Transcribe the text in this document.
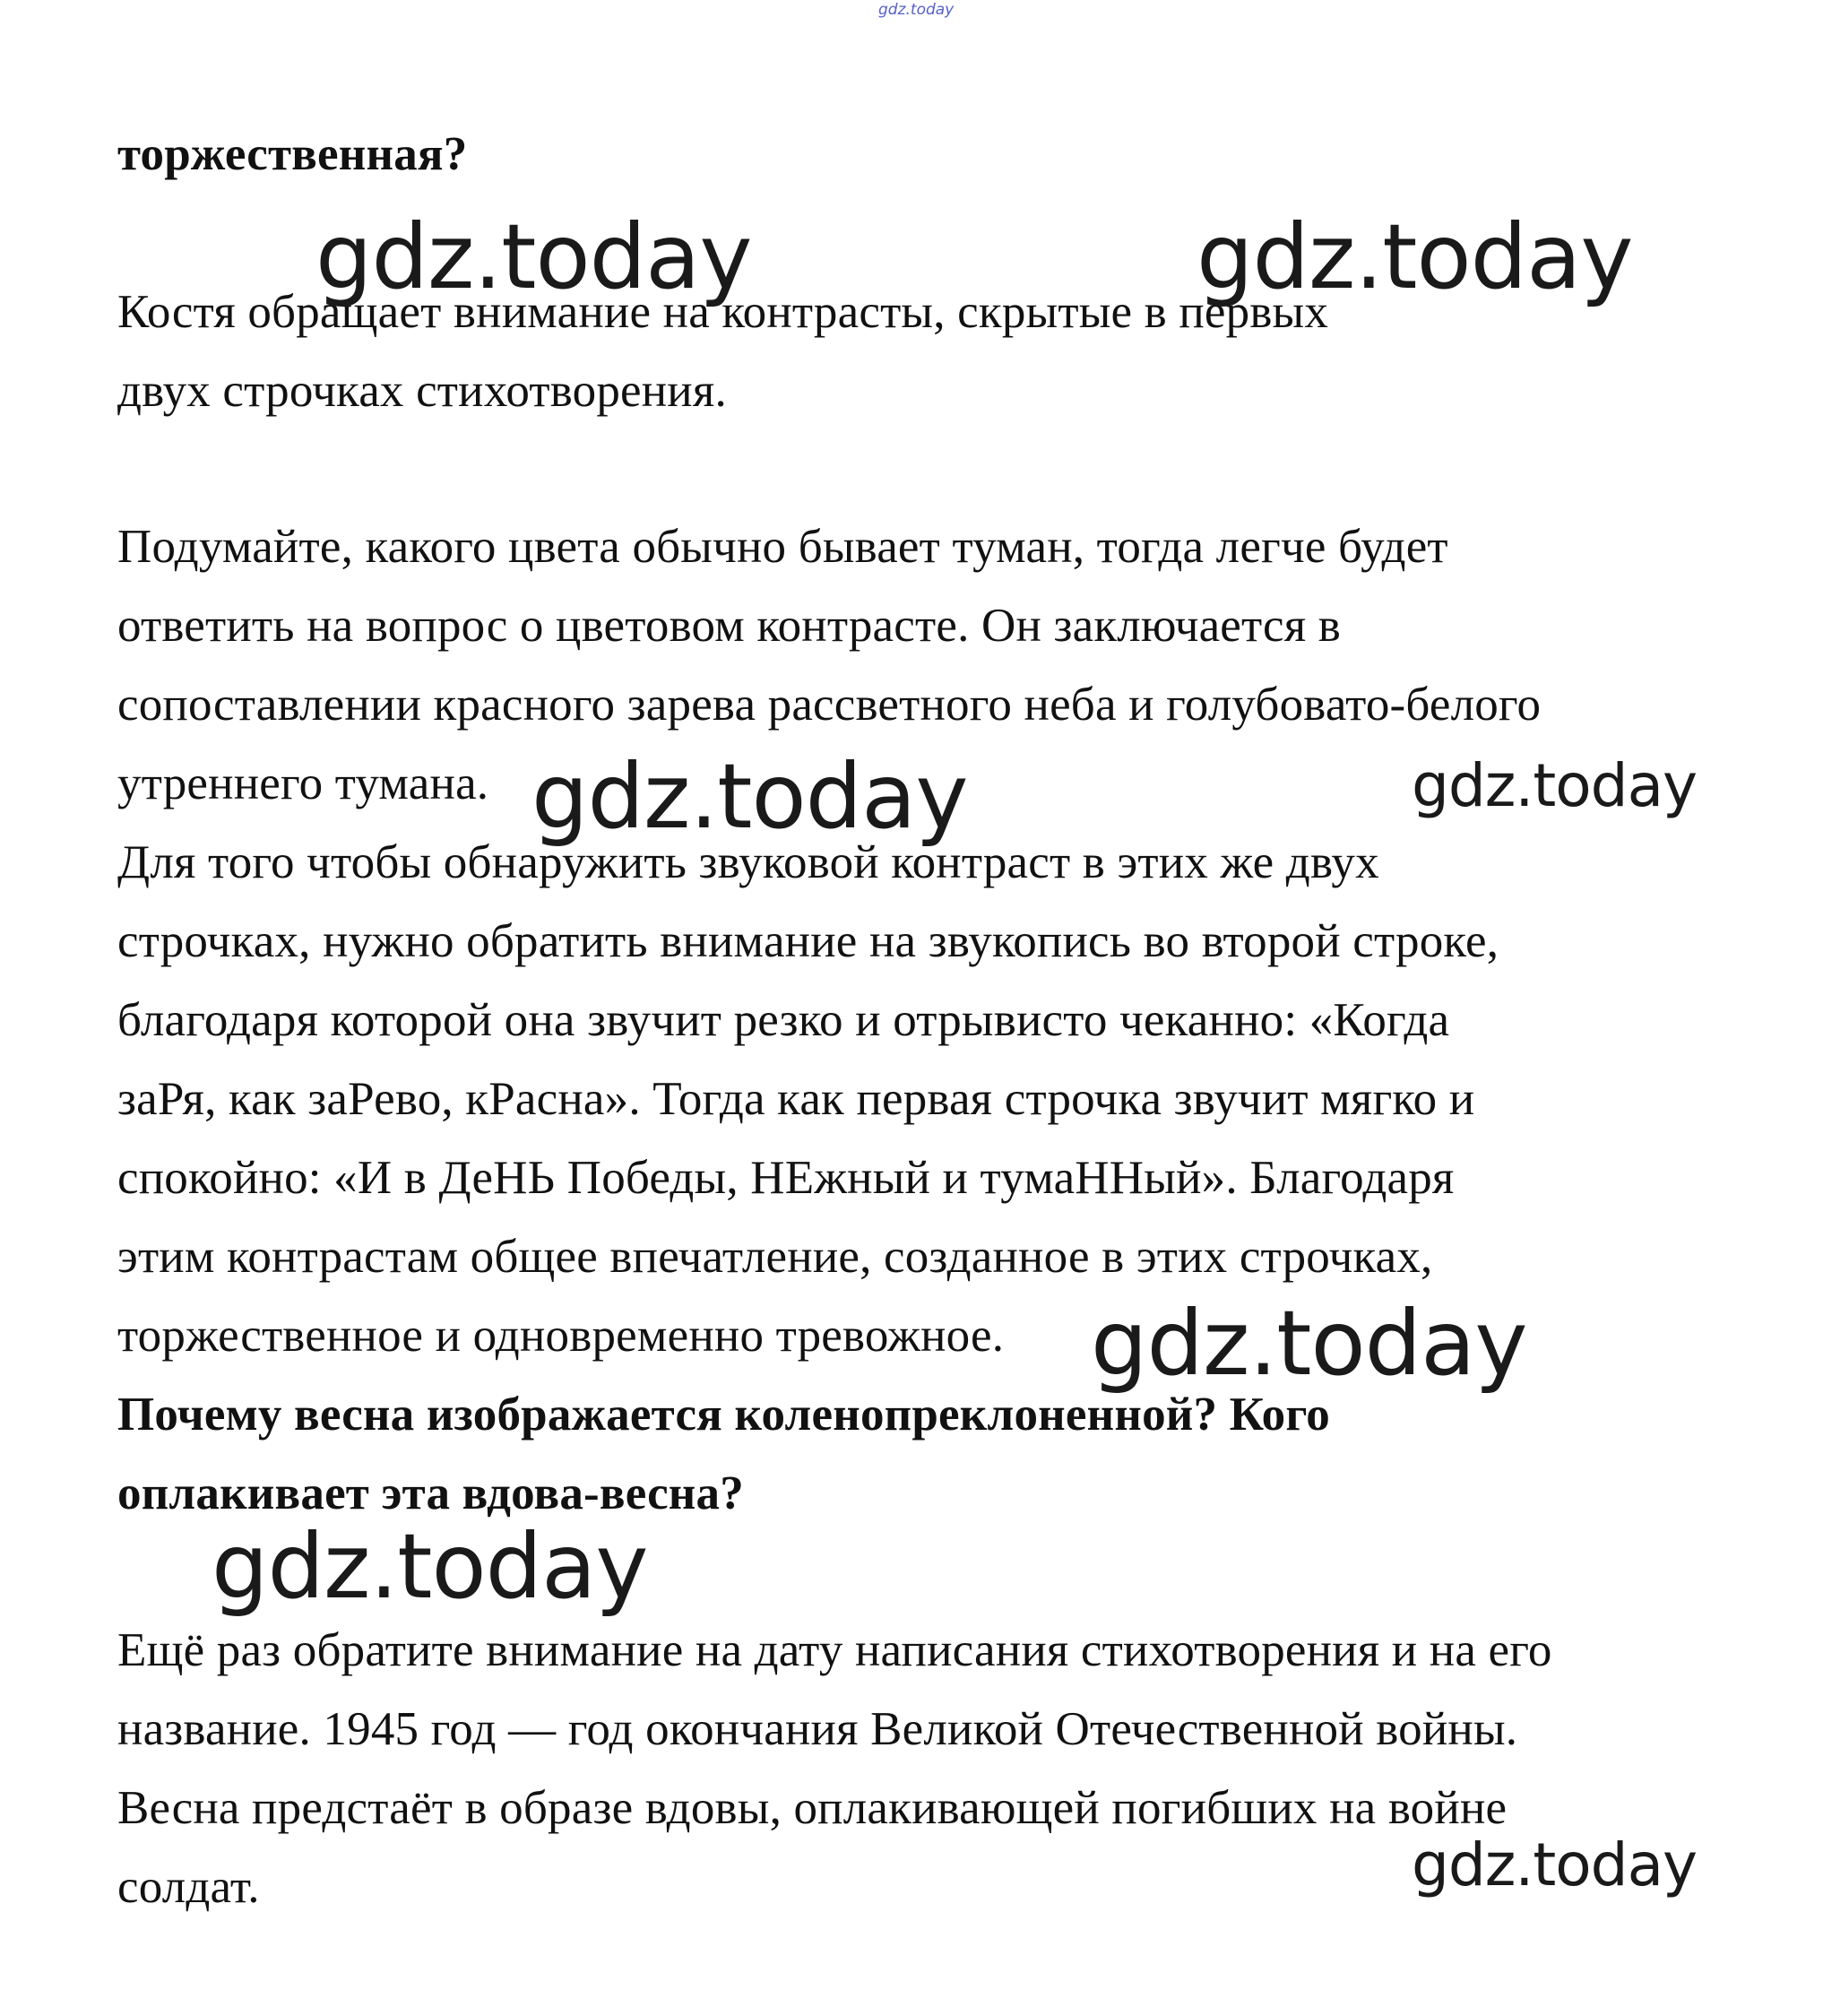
gdz.today
торжественная?
Костя обращает внимание на контрасты, скрытые в первых
двух строчках стихотворения.
Подумайте, какого цвета обычно бывает туман, тогда легче будет
ответить на вопрос о цветовом контрасте. Он заключается в
сопоставлении красного зарева рассветного неба и голубовато-белого
утреннего тумана.
Для того чтобы обнаружить звуковой контраст в этих же двух
строчках, нужно обратить внимание на звукопись во второй строке,
благодаря которой она звучит резко и отрывисто чеканно: «Когда
заРя, как заРево, кРасна». Тогда как первая строчка звучит мягко и
спокойно: «И в ДеНЬ Победы, НЕжный и тумаННый». Благодаря
этим контрастам общее впечатление, созданное в этих строчках,
торжественное и одновременно тревожное.
Почему весна изображается коленопреклоненной? Кого
оплакивает эта вдова-весна?
Ещё раз обратите внимание на дату написания стихотворения и на его
название. 1945 год — год окончания Великой Отечественной войны.
Весна предстаёт в образе вдовы, оплакивающей погибших на войне
солдат.
gdz.today	gdz.today
gdz.today	gdz.today
gdz.today
gdz.today
gdz.today
